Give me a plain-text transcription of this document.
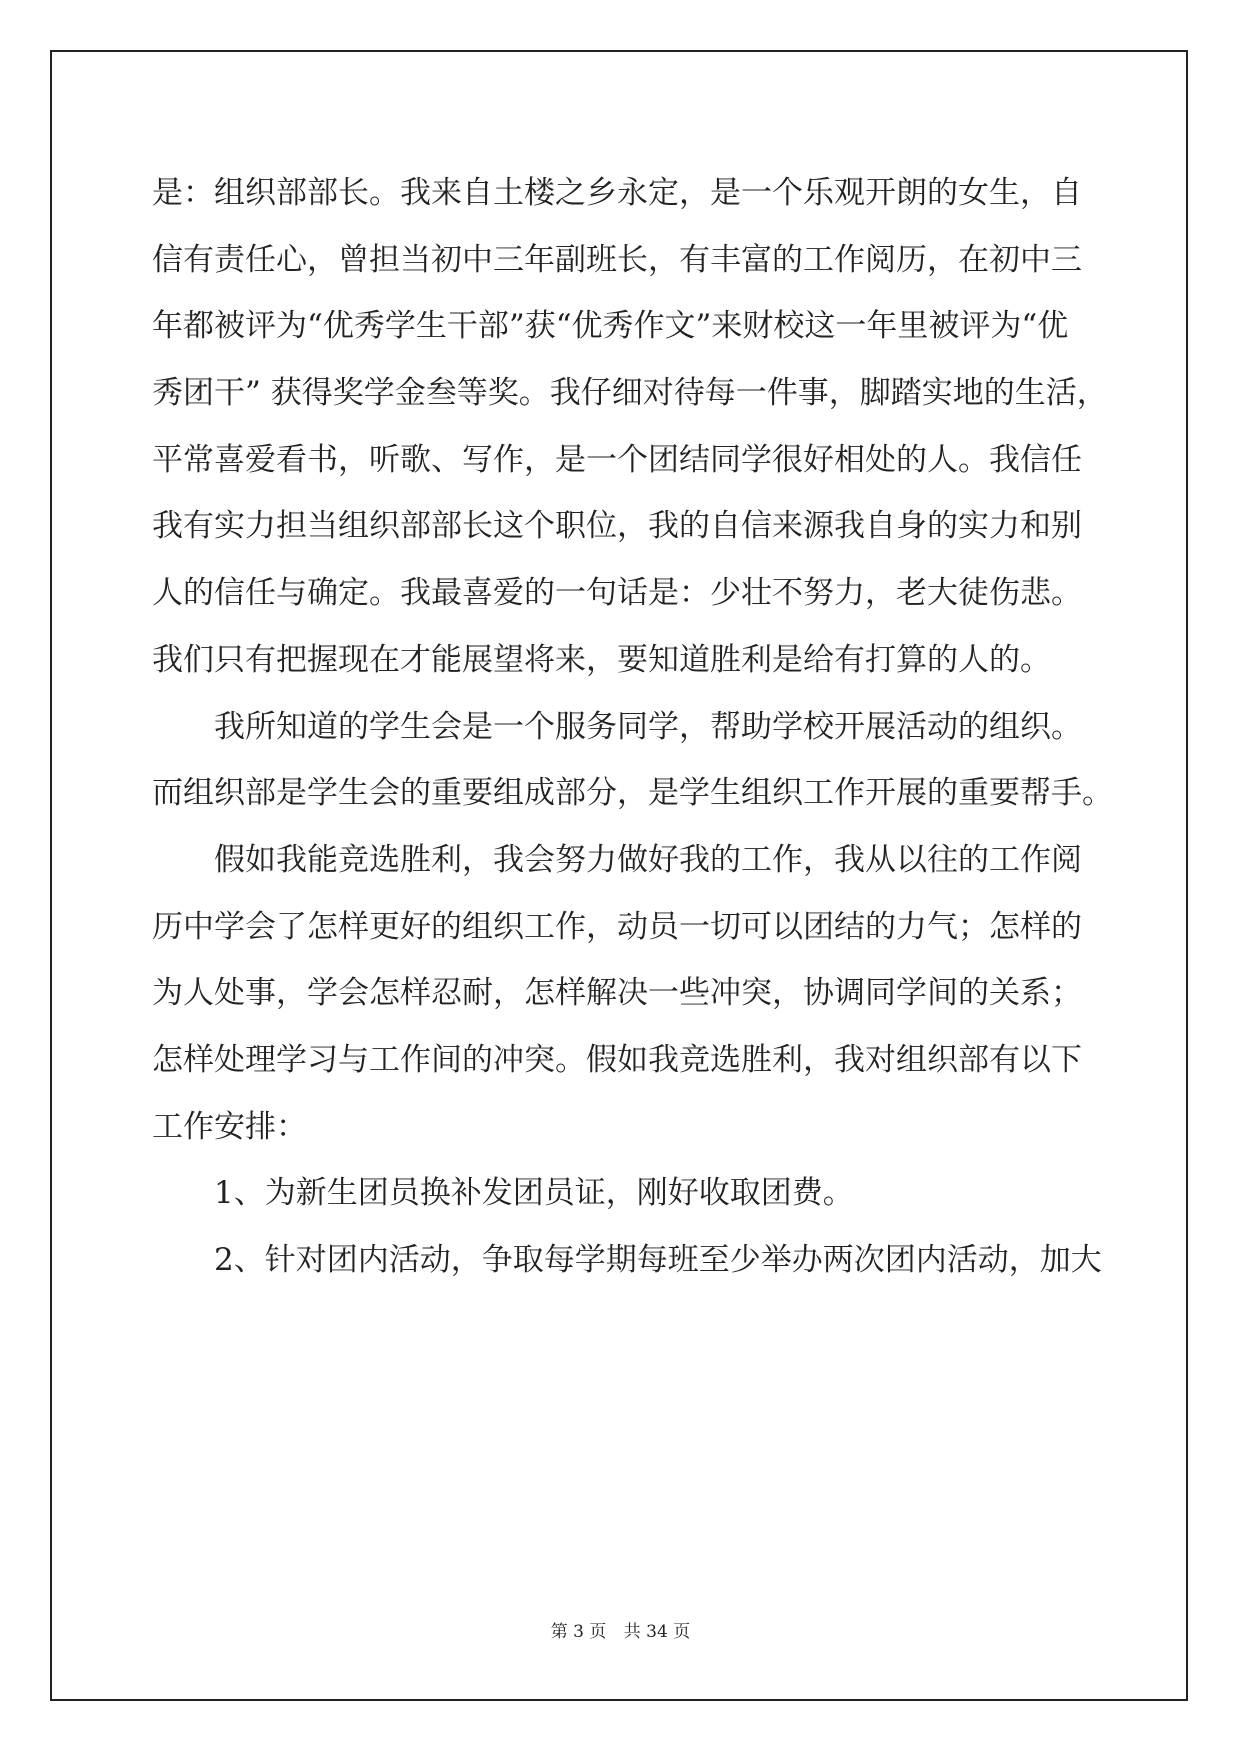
是：组织部部长。我来自土楼之乡永定，是一个乐观开朗的女生，自
信有责任心，曾担当初中三年副班长，有丰富的工作阅历，在初中三
年都被评为“优秀学生干部”获“优秀作文”来财校这一年里被评为“优
秀团干” 获得奖学金叁等奖。我仔细对待每一件事，脚踏实地的生活，
平常喜爱看书，听歌、写作，是一个团结同学很好相处的人。我信任
我有实力担当组织部部长这个职位，我的自信来源我自身的实力和别
人的信任与确定。我最喜爱的一句话是：少壮不努力，老大徒伤悲。
我们只有把握现在才能展望将来，要知道胜利是给有打算的人的。
我所知道的学生会是一个服务同学，帮助学校开展活动的组织。
而组织部是学生会的重要组成部分，是学生组织工作开展的重要帮手。
假如我能竞选胜利，我会努力做好我的工作，我从以往的工作阅
历中学会了怎样更好的组织工作，动员一切可以团结的力气；怎样的
为人处事，学会怎样忍耐，怎样解决一些冲突，协调同学间的关系；
怎样处理学习与工作间的冲突。假如我竞选胜利，我对组织部有以下
工作安排：
1、为新生团员换补发团员证，刚好收取团费。
2、针对团内活动，争取每学期每班至少举办两次团内活动，加大
第 3 页 共 34 页
